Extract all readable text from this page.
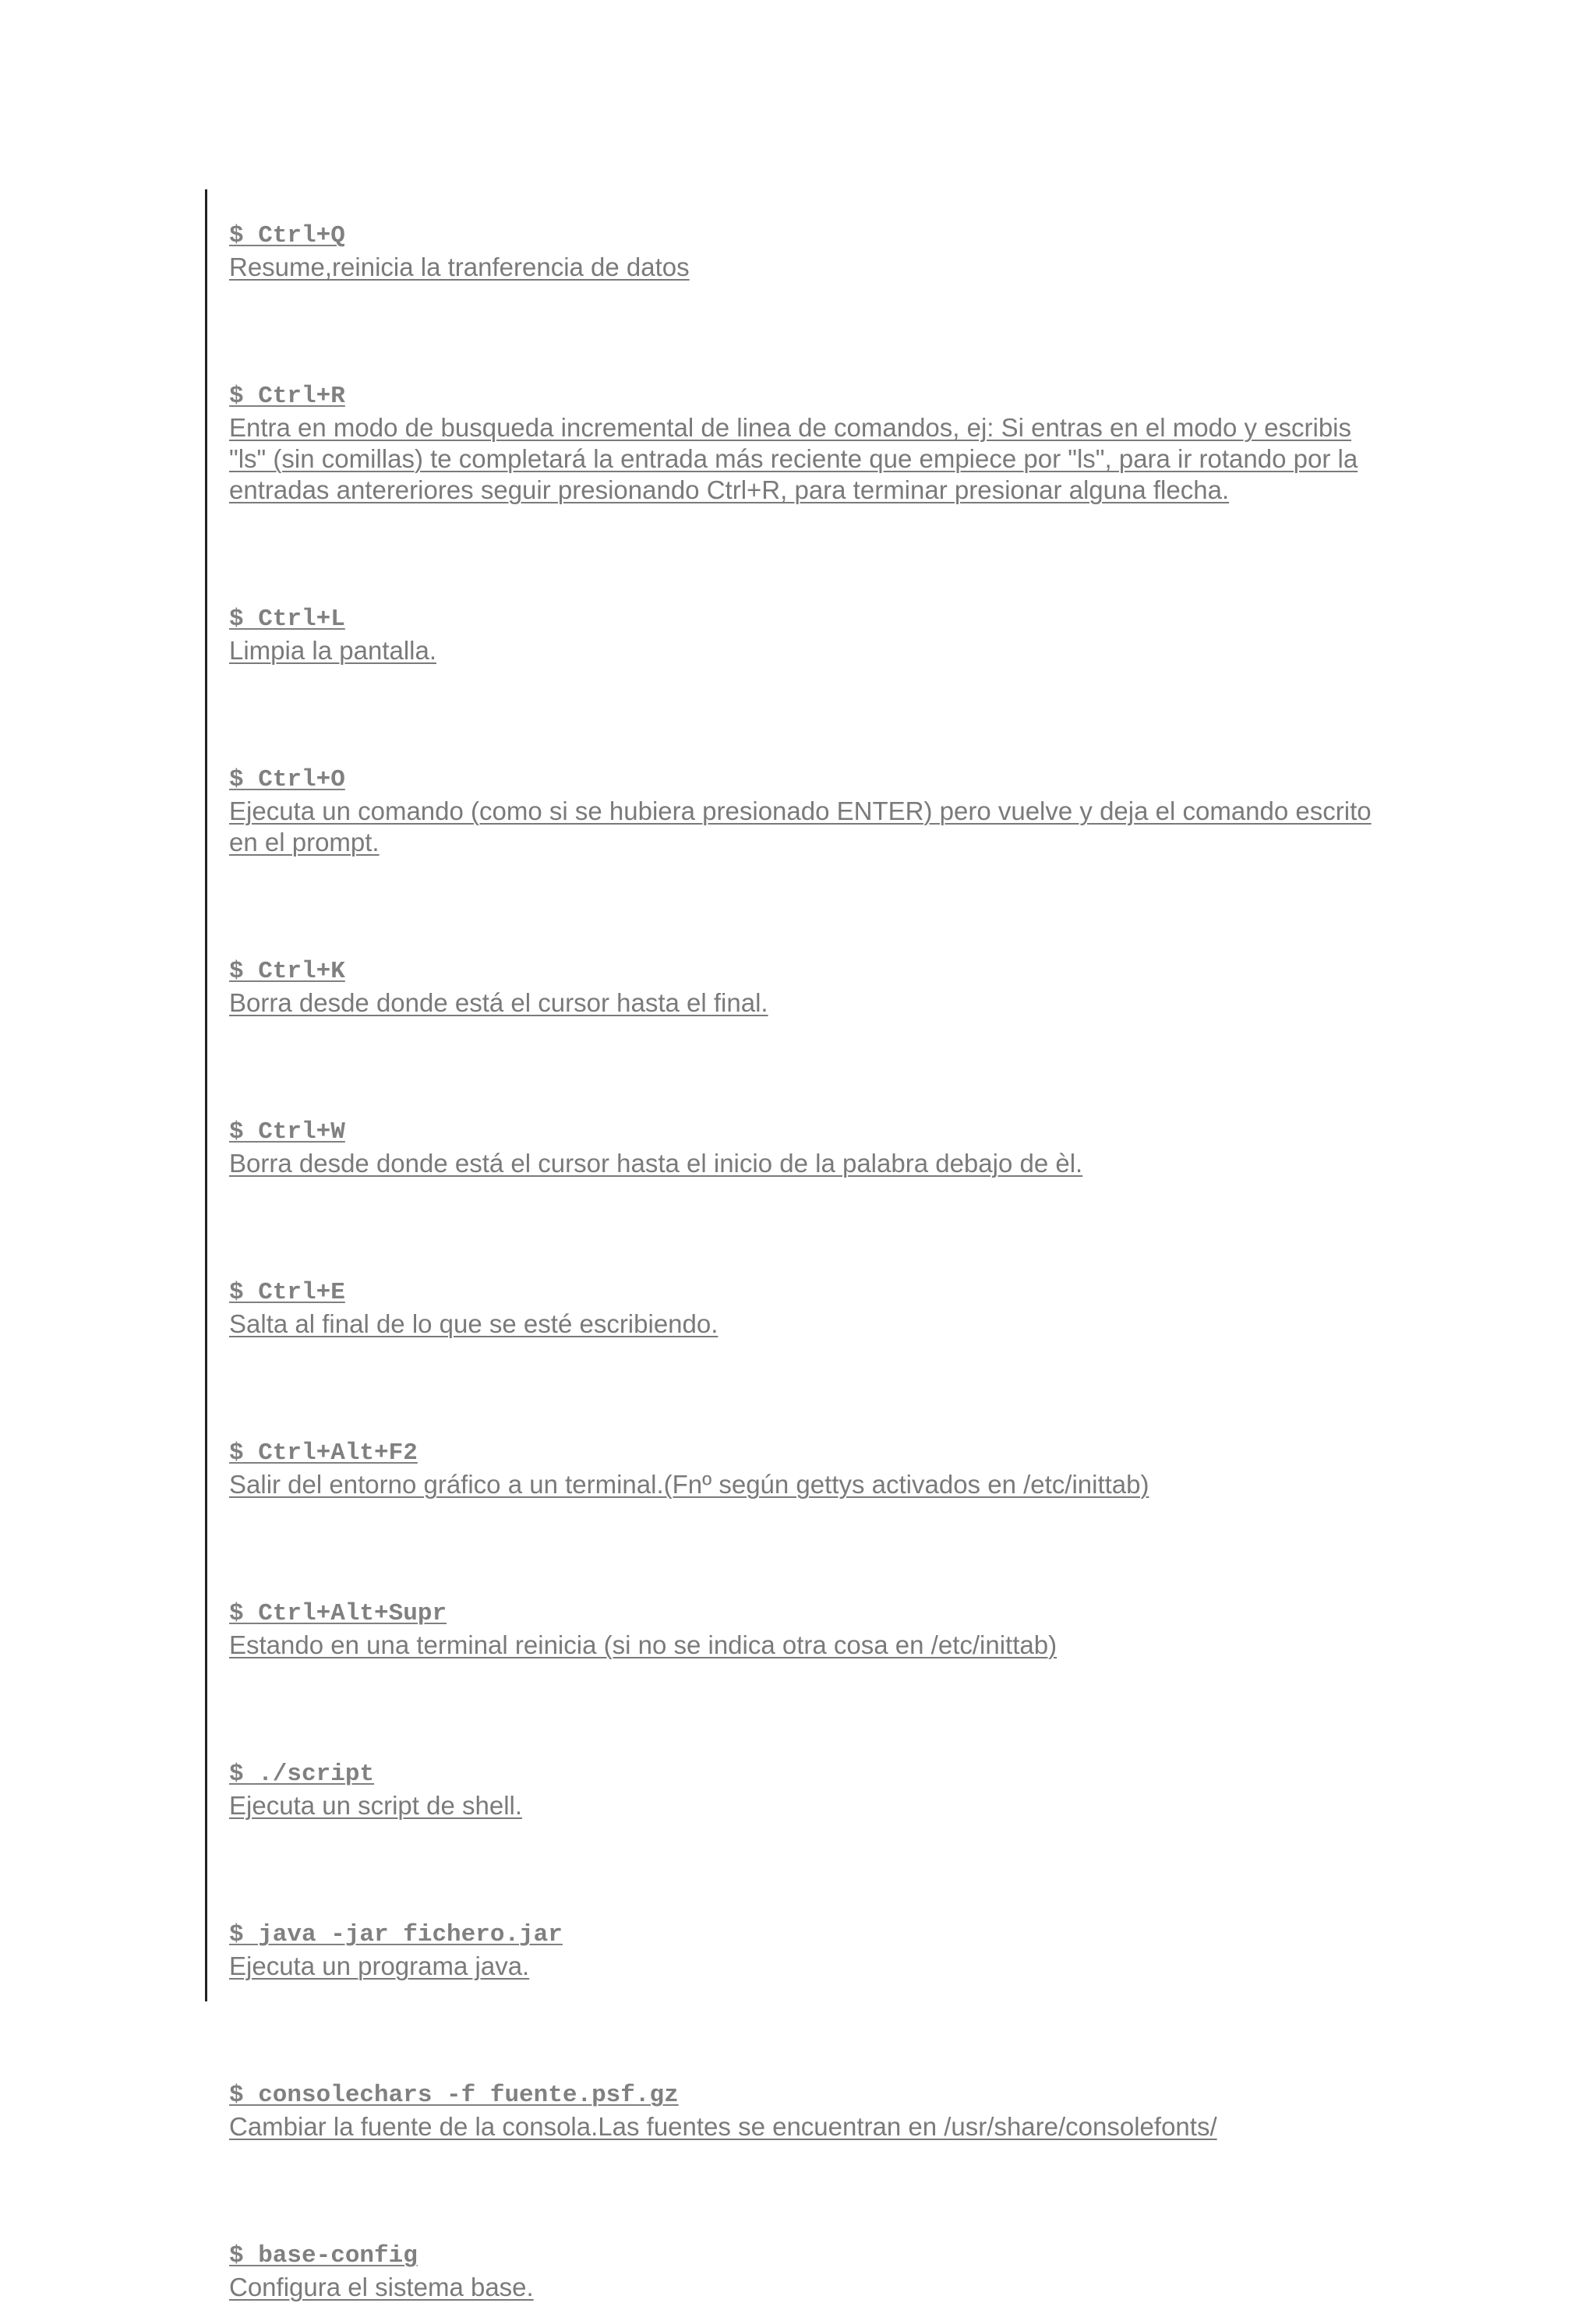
$ Ctrl+Q
Resume,reinicia la tranferencia de datos
$ Ctrl+R
Entra en modo de busqueda incremental de linea de comandos, ej: Si entras en el modo y escribis "ls" (sin comillas) te completará la entrada más reciente que empiece por "ls", para ir rotando por la entradas antereriores seguir presionando Ctrl+R, para terminar presionar alguna flecha.
$ Ctrl+L
Limpia la pantalla.
$ Ctrl+O
Ejecuta un comando (como si se hubiera presionado ENTER) pero vuelve y deja el comando escrito en el prompt.
$ Ctrl+K
Borra desde donde está el cursor hasta el final.
$ Ctrl+W
Borra desde donde está el cursor hasta el inicio de la palabra debajo de èl.
$ Ctrl+E
Salta al final de lo que se esté escribiendo.
$ Ctrl+Alt+F2
Salir del entorno gráfico a un terminal.(Fnº según gettys activados en /etc/inittab)
$ Ctrl+Alt+Supr
Estando en una terminal reinicia (si no se indica otra cosa en /etc/inittab)
$ ./script
Ejecuta un script de shell.
$ java -jar fichero.jar
Ejecuta un programa java.
$ consolechars -f fuente.psf.gz
Cambiar la fuente de la consola.Las fuentes se encuentran en /usr/share/consolefonts/
$ base-config
Configura el sistema base.
